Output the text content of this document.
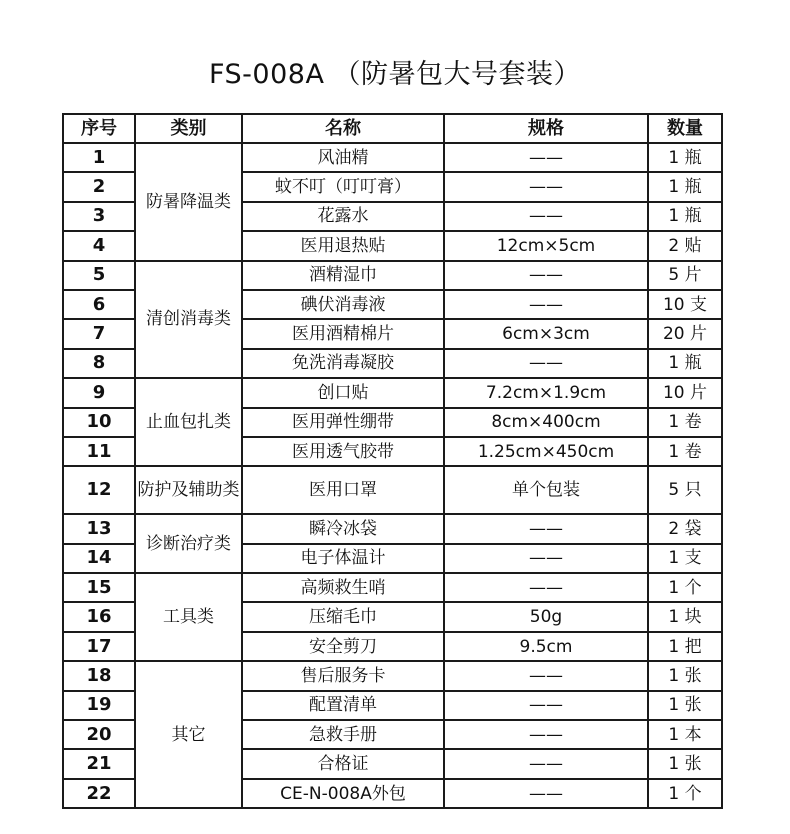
FS-008A （防暑包大号套装）
序号	类别	名称	规格	数量
1	防暑降温类	风油精	——	1 瓶
2		蚊不叮（叮叮膏）	——	1 瓶
3		花露水	——	1 瓶
4		医用退热贴	12cm×5cm	2 贴
5	清创消毒类	酒精湿巾	——	5 片
6		碘伏消毒液	——	10 支
7		医用酒精棉片	6cm×3cm	20 片
8		免洗消毒凝胶	——	1 瓶
9	止血包扎类	创口贴	7.2cm×1.9cm	10 片
10		医用弹性绷带	8cm×400cm	1 卷
11		医用透气胶带	1.25cm×450cm	1 卷
12	防护及辅助类	医用口罩	单个包装	5 只
13	诊断治疗类	瞬冷冰袋	——	2 袋
14		电子体温计	——	1 支
15	工具类	高频救生哨	——	1 个
16		压缩毛巾	50g	1 块
17		安全剪刀	9.5cm	1 把
18	其它	售后服务卡	——	1 张
19		配置清单	——	1 张
20		急救手册	——	1 本
21		合格证	——	1 张
22		CE-N-008A外包	——	1 个
